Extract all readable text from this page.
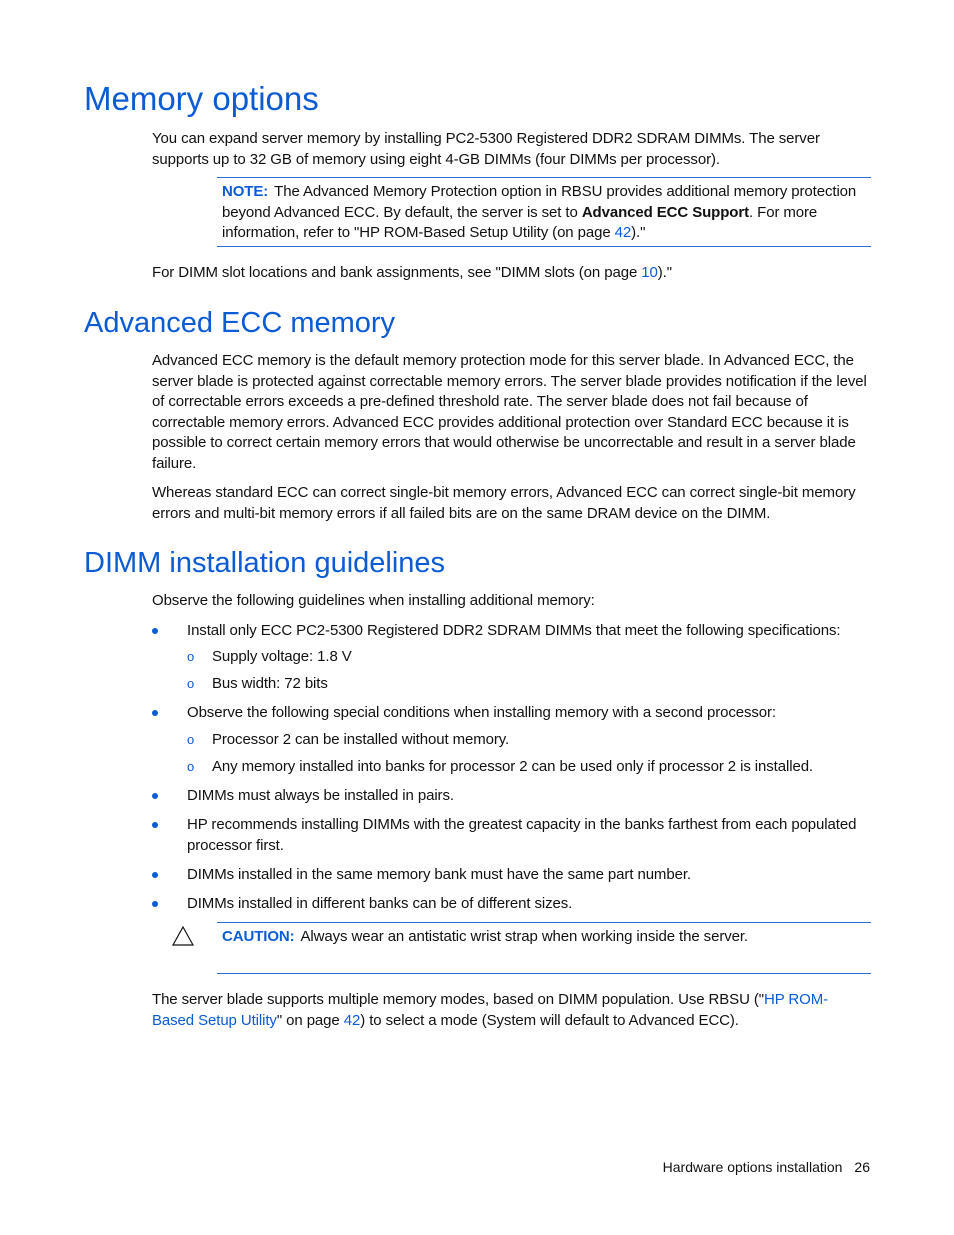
Memory options

You can expand server memory by installing PC2-5300 Registered DDR2 SDRAM DIMMs. The server supports up to 32 GB of memory using eight 4-GB DIMMs (four DIMMs per processor).

NOTE: The Advanced Memory Protection option in RBSU provides additional memory protection beyond Advanced ECC. By default, the server is set to Advanced ECC Support. For more information, refer to "HP ROM-Based Setup Utility (on page 42)."

For DIMM slot locations and bank assignments, see "DIMM slots (on page 10)."

Advanced ECC memory

Advanced ECC memory is the default memory protection mode for this server blade. In Advanced ECC, the server blade is protected against correctable memory errors. The server blade provides notification if the level of correctable errors exceeds a pre-defined threshold rate. The server blade does not fail because of correctable memory errors. Advanced ECC provides additional protection over Standard ECC because it is possible to correct certain memory errors that would otherwise be uncorrectable and result in a server blade failure.

Whereas standard ECC can correct single-bit memory errors, Advanced ECC can correct single-bit memory errors and multi-bit memory errors if all failed bits are on the same DRAM device on the DIMM.

DIMM installation guidelines

Observe the following guidelines when installing additional memory:

Install only ECC PC2-5300 Registered DDR2 SDRAM DIMMs that meet the following specifications:
o Supply voltage: 1.8 V
o Bus width: 72 bits
Observe the following special conditions when installing memory with a second processor:
o Processor 2 can be installed without memory.
o Any memory installed into banks for processor 2 can be used only if processor 2 is installed.
DIMMs must always be installed in pairs.
HP recommends installing DIMMs with the greatest capacity in the banks farthest from each populated processor first.
DIMMs installed in the same memory bank must have the same part number.
DIMMs installed in different banks can be of different sizes.

CAUTION: Always wear an antistatic wrist strap when working inside the server.

The server blade supports multiple memory modes, based on DIMM population. Use RBSU ("HP ROM-Based Setup Utility" on page 42) to select a mode (System will default to Advanced ECC).

Hardware options installation 26
